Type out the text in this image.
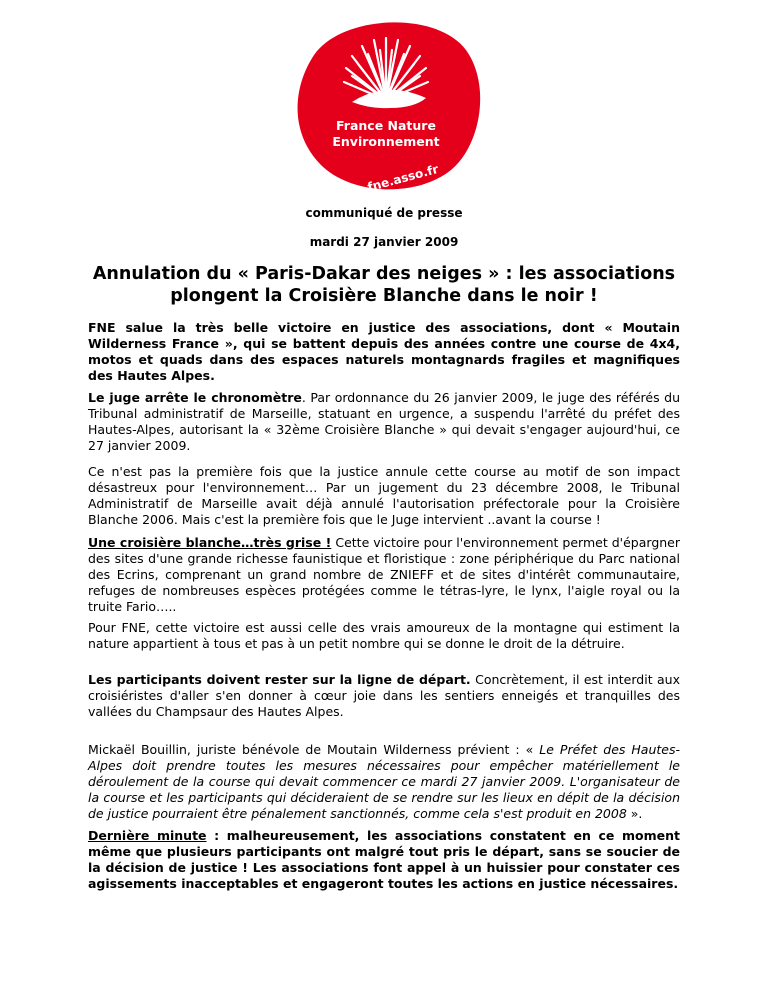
France Nature
Environnement
fne.asso.fr
communiqué de presse
mardi 27 janvier 2009
Annulation du « Paris-Dakar des neiges » : les associations
plongent la Croisière Blanche dans le noir !
FNE salue la très belle victoire en justice des associations, dont « Moutain Wilderness France », qui se battent depuis des années contre une course de 4x4, motos et quads dans des espaces naturels montagnards fragiles et magnifiques des Hautes Alpes.
Le juge arrête le chronomètre. Par ordonnance du 26 janvier 2009, le juge des référés du Tribunal administratif de Marseille, statuant en urgence, a suspendu l'arrêté du préfet des Hautes-Alpes, autorisant la « 32ème Croisière Blanche » qui devait s'engager aujourd'hui, ce 27 janvier 2009.
Ce n'est pas la première fois que la justice annule cette course au motif de son impact désastreux pour l'environnement… Par un jugement du 23 décembre 2008, le Tribunal Administratif de Marseille avait déjà annulé l'autorisation préfectorale pour la Croisière Blanche 2006. Mais c'est la première fois que le Juge intervient ..avant la course !
Une croisière blanche…très grise ! Cette victoire pour l'environnement permet d'épargner des sites d'une grande richesse faunistique et floristique : zone périphérique du Parc national des Ecrins, comprenant un grand nombre de ZNIEFF et de sites d'intérêt communautaire, refuges de nombreuses espèces protégées comme le tétras-lyre, le lynx, l'aigle royal ou la truite Fario…..
Pour FNE, cette victoire est aussi celle des vrais amoureux de la montagne qui estiment la nature appartient à tous et pas à un petit nombre qui se donne le droit de la détruire.
Les participants doivent rester sur la ligne de départ. Concrètement, il est interdit aux croisiéristes d'aller s'en donner à cœur joie dans les sentiers enneigés et tranquilles des vallées du Champsaur des Hautes Alpes.
Mickaël Bouillin, juriste bénévole de Moutain Wilderness prévient : « Le Préfet des Hautes-Alpes doit prendre toutes les mesures nécessaires pour empêcher matériellement le déroulement de la course qui devait commencer ce mardi 27 janvier 2009. L'organisateur de la course et les participants qui décideraient de se rendre sur les lieux en dépit de la décision de justice pourraient être pénalement sanctionnés, comme cela s'est produit en 2008 ».
Dernière minute : malheureusement, les associations constatent en ce moment même que plusieurs participants ont malgré tout pris le départ, sans se soucier de la décision de justice ! Les associations font appel à un huissier pour constater ces agissements inacceptables et engageront toutes les actions en justice nécessaires.
